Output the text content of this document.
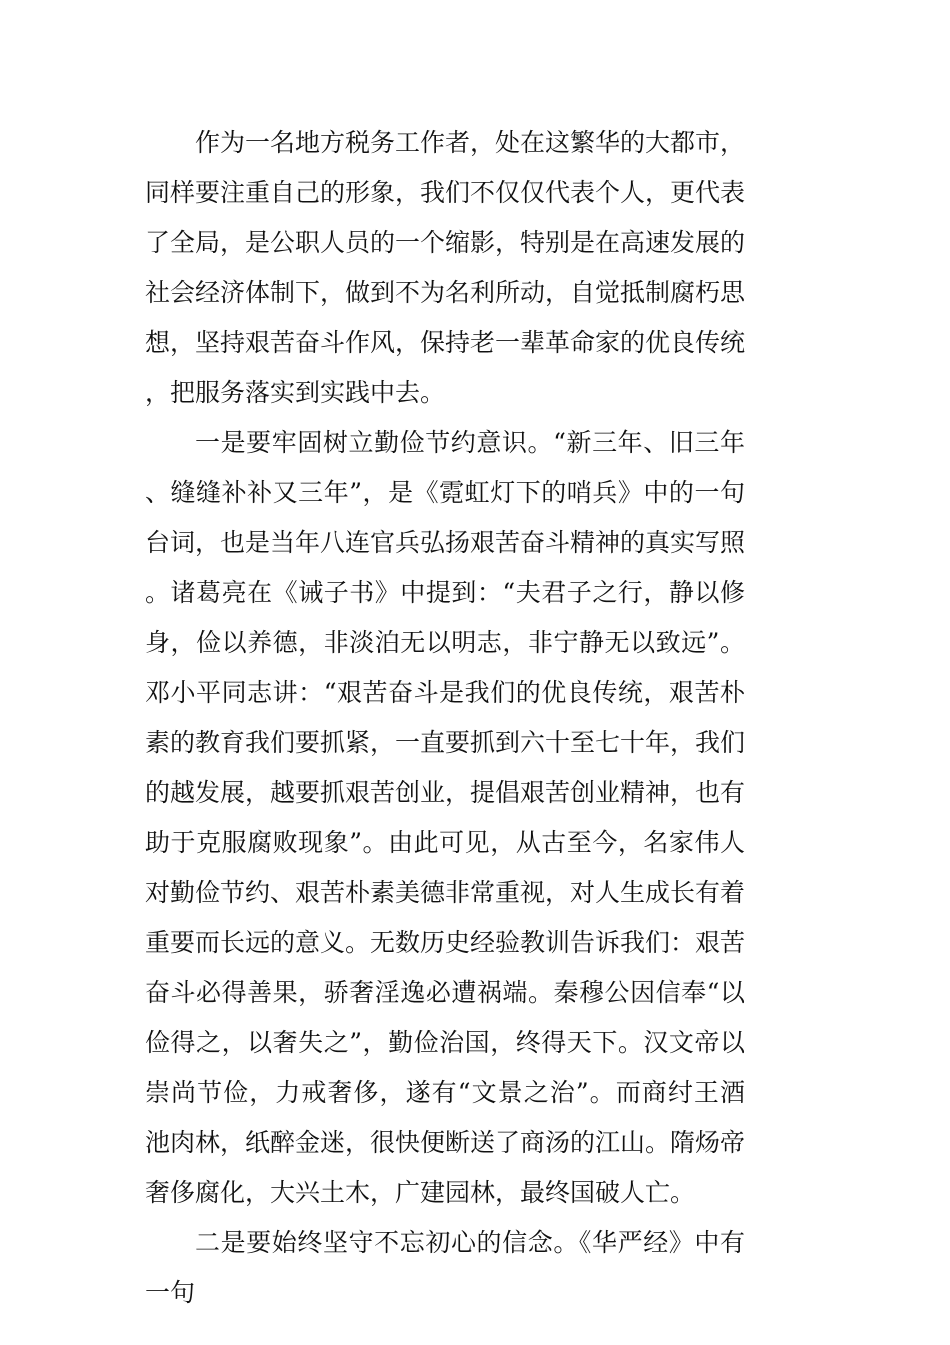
作为一名地方税务工作者，处在这繁华的大都市，同样要注重自己的形象，我们不仅仅代表个人，更代表了全局，是公职人员的一个缩影，特别是在高速发展的社会经济体制下，做到不为名利所动，自觉抵制腐朽思想，坚持艰苦奋斗作风，保持老一辈革命家的优良传统，把服务落实到实践中去。

一是要牢固树立勤俭节约意识。“新三年、旧三年、缝缝补补又三年”，是《霓虹灯下的哨兵》中的一句台词，也是当年八连官兵弘扬艰苦奋斗精神的真实写照。诸葛亮在《诫子书》中提到：“夫君子之行，静以修身，俭以养德，非淡泊无以明志，非宁静无以致远”。邓小平同志讲：“艰苦奋斗是我们的优良传统，艰苦朴素的教育我们要抓紧，一直要抓到六十至七十年，我们的越发展，越要抓艰苦创业，提倡艰苦创业精神，也有助于克服腐败现象”。由此可见，从古至今，名家伟人对勤俭节约、艰苦朴素美德非常重视，对人生成长有着重要而长远的意义。无数历史经验教训告诉我们：艰苦奋斗必得善果，骄奢淫逸必遭祸端。秦穆公因信奉“以俭得之，以奢失之”，勤俭治国，终得天下。汉文帝以崇尚节俭，力戒奢侈，遂有“文景之治”。而商纣王酒池肉林，纸醉金迷，很快便断送了商汤的江山。隋炀帝奢侈腐化，大兴土木，广建园林，最终国破人亡。

二是要始终坚守不忘初心的信念。《华严经》中有一句
